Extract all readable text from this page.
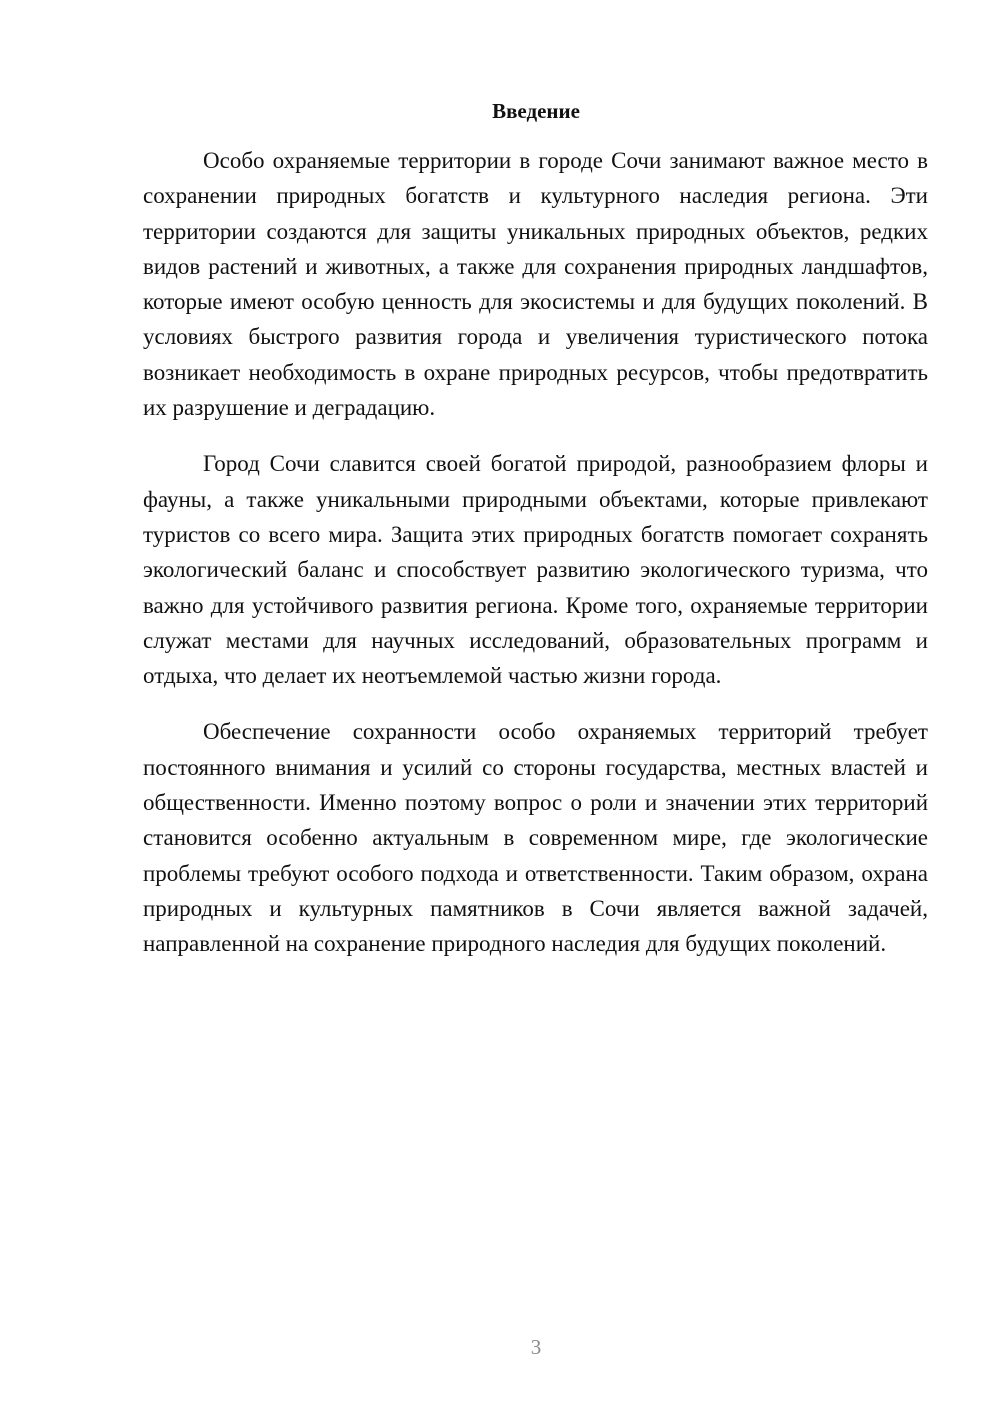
Введение

Особо охраняемые территории в городе Сочи занимают важное место в сохранении природных богатств и культурного наследия региона. Эти территории создаются для защиты уникальных природных объектов, редких видов растений и животных, а также для сохранения природных ландшафтов, которые имеют особую ценность для экосистемы и для будущих поколений. В условиях быстрого развития города и увеличения туристического потока возникает необходимость в охране природных ресурсов, чтобы предотвратить их разрушение и деградацию.

Город Сочи славится своей богатой природой, разнообразием флоры и фауны, а также уникальными природными объектами, которые привлекают туристов со всего мира. Защита этих природных богатств помогает сохранять экологический баланс и способствует развитию экологического туризма, что важно для устойчивого развития региона. Кроме того, охраняемые территории служат местами для научных исследований, образовательных программ и отдыха, что делает их неотъемлемой частью жизни города.

Обеспечение сохранности особо охраняемых территорий требует постоянного внимания и усилий со стороны государства, местных властей и общественности. Именно поэтому вопрос о роли и значении этих территорий становится особенно актуальным в современном мире, где экологические проблемы требуют особого подхода и ответственности. Таким образом, охрана природных и культурных памятников в Сочи является важной задачей, направленной на сохранение природного наследия для будущих поколений.

3
